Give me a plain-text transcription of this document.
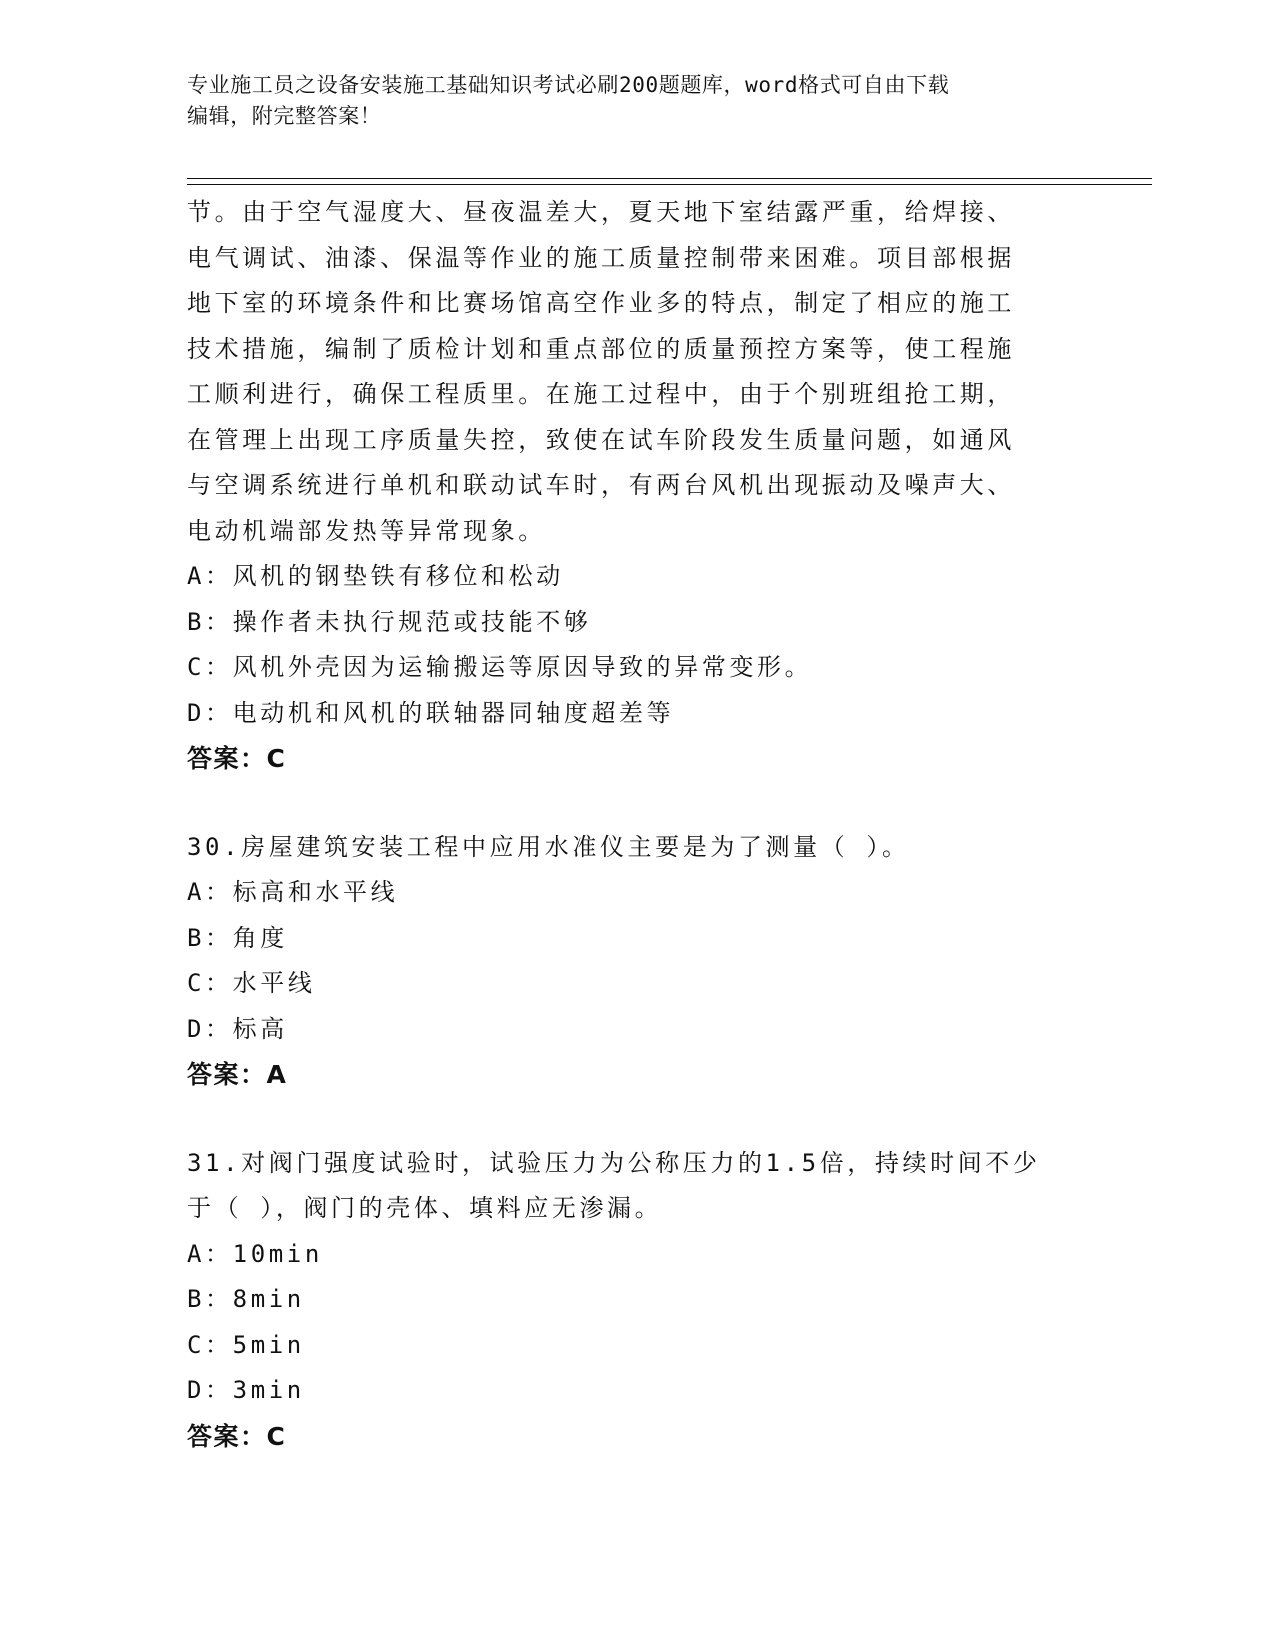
专业施工员之设备安装施工基础知识考试必刷200题题库，word格式可自由下载
编辑，附完整答案！
节。由于空气湿度大、昼夜温差大，夏天地下室结露严重，给焊接、
电气调试、油漆、保温等作业的施工质量控制带来困难。项目部根据
地下室的环境条件和比赛场馆高空作业多的特点，制定了相应的施工
技术措施，编制了质检计划和重点部位的质量预控方案等，使工程施
工顺利进行，确保工程质里。在施工过程中，由于个别班组抢工期，
在管理上出现工序质量失控，致使在试车阶段发生质量问题，如通风
与空调系统进行单机和联动试车时，有两台风机出现振动及噪声大、
电动机端部发热等异常现象。
A：风机的钢垫铁有移位和松动
B：操作者未执行规范或技能不够
C：风机外壳因为运输搬运等原因导致的异常变形。
D：电动机和风机的联轴器同轴度超差等
答案：C
30.房屋建筑安装工程中应用水准仪主要是为了测量（ ）。
A：标高和水平线
B：角度
C：水平线
D：标高
答案：A
31.对阀门强度试验时，试验压力为公称压力的1.5倍，持续时间不少
于（ ），阀门的壳体、填料应无渗漏。
A：10min
B：8min
C：5min
D：3min
答案：C
